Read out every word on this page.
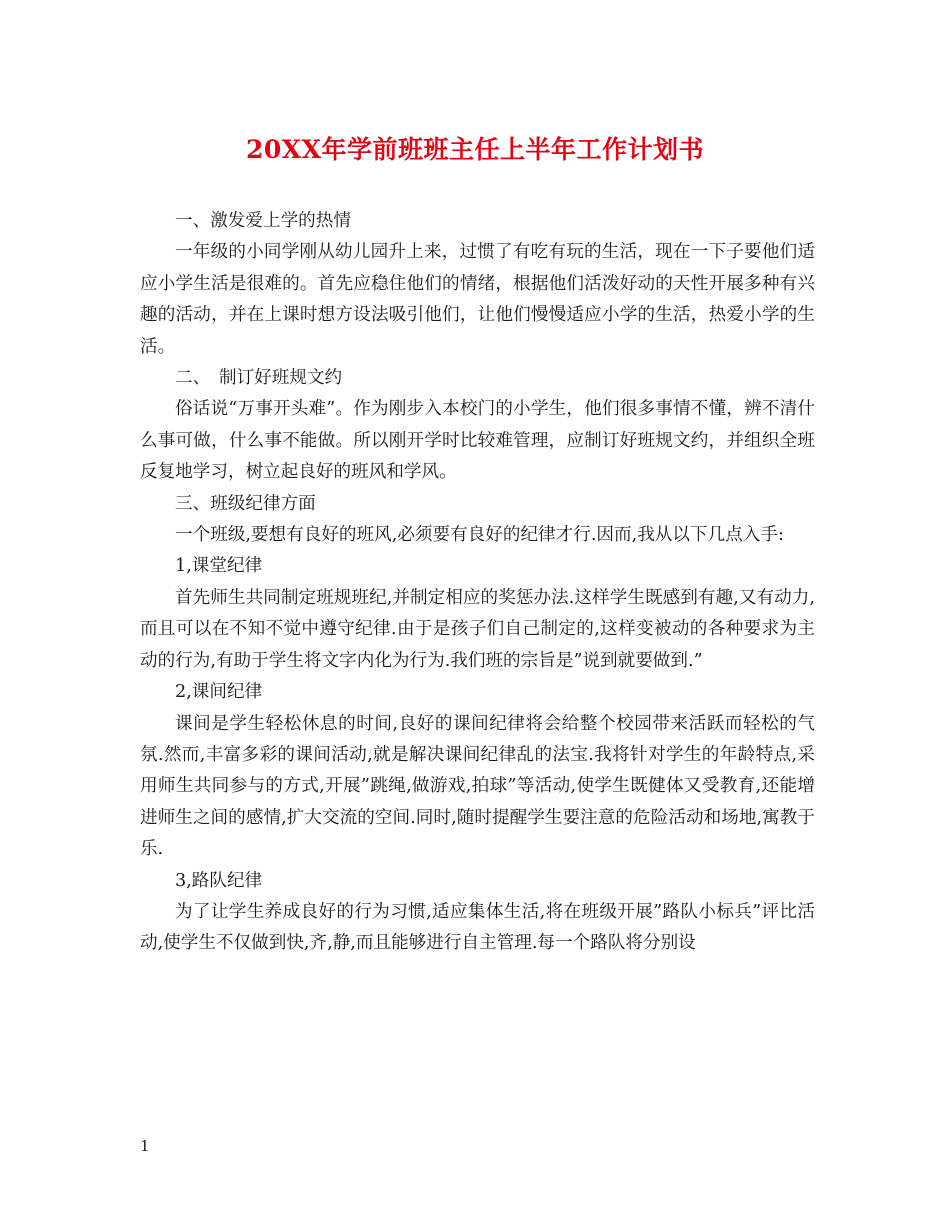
20XX年学前班班主任上半年工作计划书

一、激发爱上学的热情

一年级的小同学刚从幼儿园升上来，过惯了有吃有玩的生活，现在一下子要他们适应小学生活是很难的。首先应稳住他们的情绪，根据他们活泼好动的天性开展多种有兴趣的活动，并在上课时想方设法吸引他们，让他们慢慢适应小学的生活，热爱小学的生活。

二、　制订好班规文约

俗话说“万事开头难”。作为刚步入本校门的小学生，他们很多事情不懂，辨不清什么事可做，什么事不能做。所以刚开学时比较难管理，应制订好班规文约，并组织全班反复地学习，树立起良好的班风和学风。

三、班级纪律方面

一个班级,要想有良好的班风,必须要有良好的纪律才行.因而,我从以下几点入手:

1,课堂纪律

首先师生共同制定班规班纪,并制定相应的奖惩办法.这样学生既感到有趣,又有动力,而且可以在不知不觉中遵守纪律.由于是孩子们自己制定的,这样变被动的各种要求为主动的行为,有助于学生将文字内化为行为.我们班的宗旨是”说到就要做到.”

2,课间纪律

课间是学生轻松休息的时间,良好的课间纪律将会给整个校园带来活跃而轻松的气氛.然而,丰富多彩的课间活动,就是解决课间纪律乱的法宝.我将针对学生的年龄特点,采用师生共同参与的方式,开展”跳绳,做游戏,拍球”等活动,使学生既健体又受教育,还能增进师生之间的感情,扩大交流的空间.同时,随时提醒学生要注意的危险活动和场地,寓教于乐.

3,路队纪律

为了让学生养成良好的行为习惯,适应集体生活,将在班级开展”路队小标兵”评比活动,使学生不仅做到快,齐,静,而且能够进行自主管理.每一个路队将分别设

1
